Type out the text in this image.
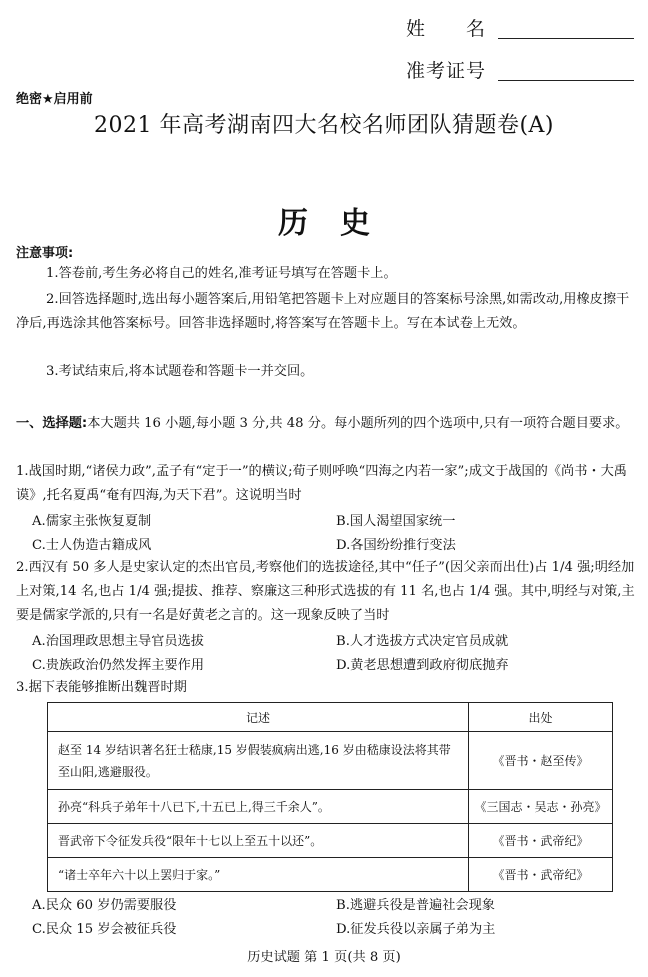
姓　　名
准考证号
绝密★启用前
2021 年高考湖南四大名校名师团队猜题卷(A)
历史
注意事项:
1.答卷前,考生务必将自己的姓名,准考证号填写在答题卡上。
2.回答选择题时,选出每小题答案后,用铅笔把答题卡上对应题目的答案标号涂黑,如需改动,用橡皮擦干净后,再选涂其他答案标号。回答非选择题时,将答案写在答题卡上。写在本试卷上无效。
3.考试结束后,将本试题卷和答题卡一并交回。
一、选择题:本大题共 16 小题,每小题 3 分,共 48 分。每小题所列的四个选项中,只有一项符合题目要求。
1.战国时期,“诸侯力政”,孟子有“定于一”的横议;荀子则呼唤“四海之内若一家”;成文于战国的《尚书・大禹谟》,托名夏禹“奄有四海,为天下君”。这说明当时
A.儒家主张恢复夏制	B.国人渴望国家统一
C.士人伪造古籍成风	D.各国纷纷推行变法
2.西汉有 50 多人是史家认定的杰出官员,考察他们的选拔途径,其中“任子”(因父亲而出仕)占 1/4 强;明经加上对策,14 名,也占 1/4 强;提拔、推荐、察廉这三种形式选拔的有 11 名,也占 1/4 强。其中,明经与对策,主要是儒家学派的,只有一名是好黄老之言的。这一现象反映了当时
A.治国理政思想主导官员选拔	B.人才选拔方式决定官员成就
C.贵族政治仍然发挥主要作用	D.黄老思想遭到政府彻底抛弃
3.据下表能够推断出魏晋时期
记述	出处
赵至 14 岁结识著名狂士嵇康,15 岁假装疯病出逃,16 岁由嵇康设法将其带至山阳,逃避服役。	《晋书・赵至传》
孙亮“科兵子弟年十八已下,十五已上,得三千余人”。	《三国志・吴志・孙亮》
晋武帝下令征发兵役“限年十七以上至五十以还”。	《晋书・武帝纪》
“诸士卒年六十以上罢归于家。”	《晋书・武帝纪》
A.民众 60 岁仍需要服役	B.逃避兵役是普遍社会现象
C.民众 15 岁会被征兵役	D.征发兵役以亲属子弟为主
历史试题 第 1 页(共 8 页)
